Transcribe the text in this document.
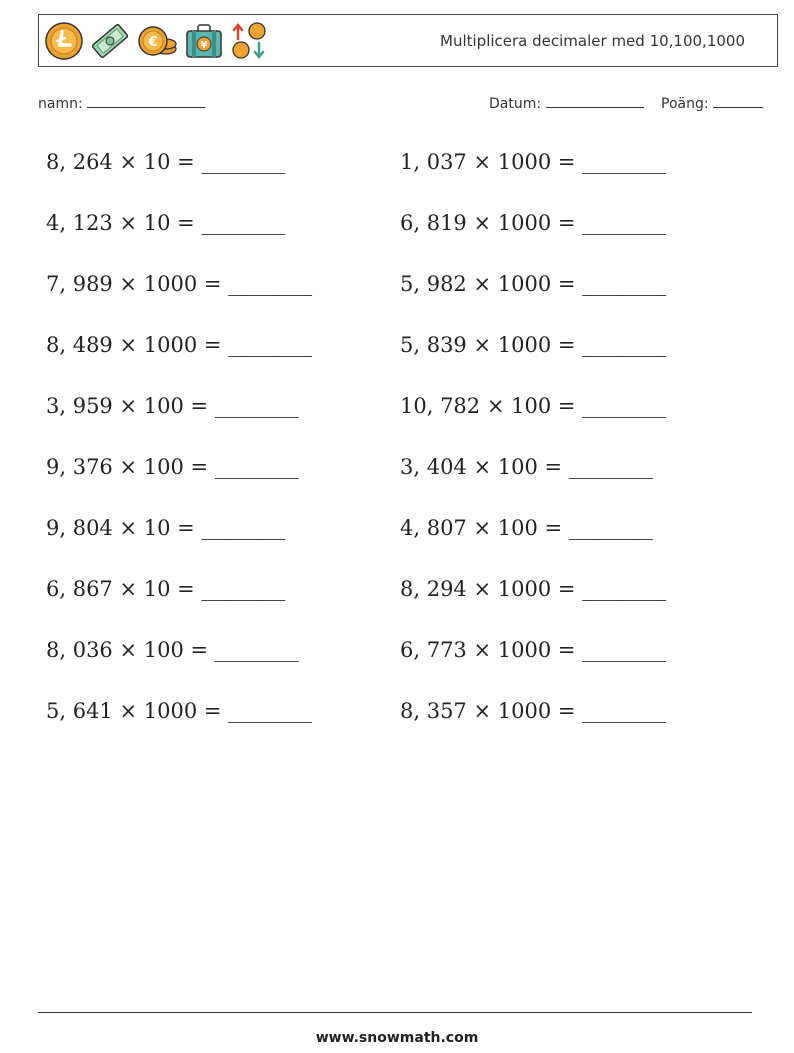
€	¥	Multiplicera decimaler med 10,100,1000
namn:	Datum:	Poäng:
8, 264 × 10 = ________
4, 123 × 10 = ________
7, 989 × 1000 = ________
8, 489 × 1000 = ________
3, 959 × 100 = ________
9, 376 × 100 = ________
9, 804 × 10 = ________
6, 867 × 10 = ________
8, 036 × 100 = ________
5, 641 × 1000 = ________
1, 037 × 1000 = ________
6, 819 × 1000 = ________
5, 982 × 1000 = ________
5, 839 × 1000 = ________
10, 782 × 100 = ________
3, 404 × 100 = ________
4, 807 × 100 = ________
8, 294 × 1000 = ________
6, 773 × 1000 = ________
8, 357 × 1000 = ________
www.snowmath.com
